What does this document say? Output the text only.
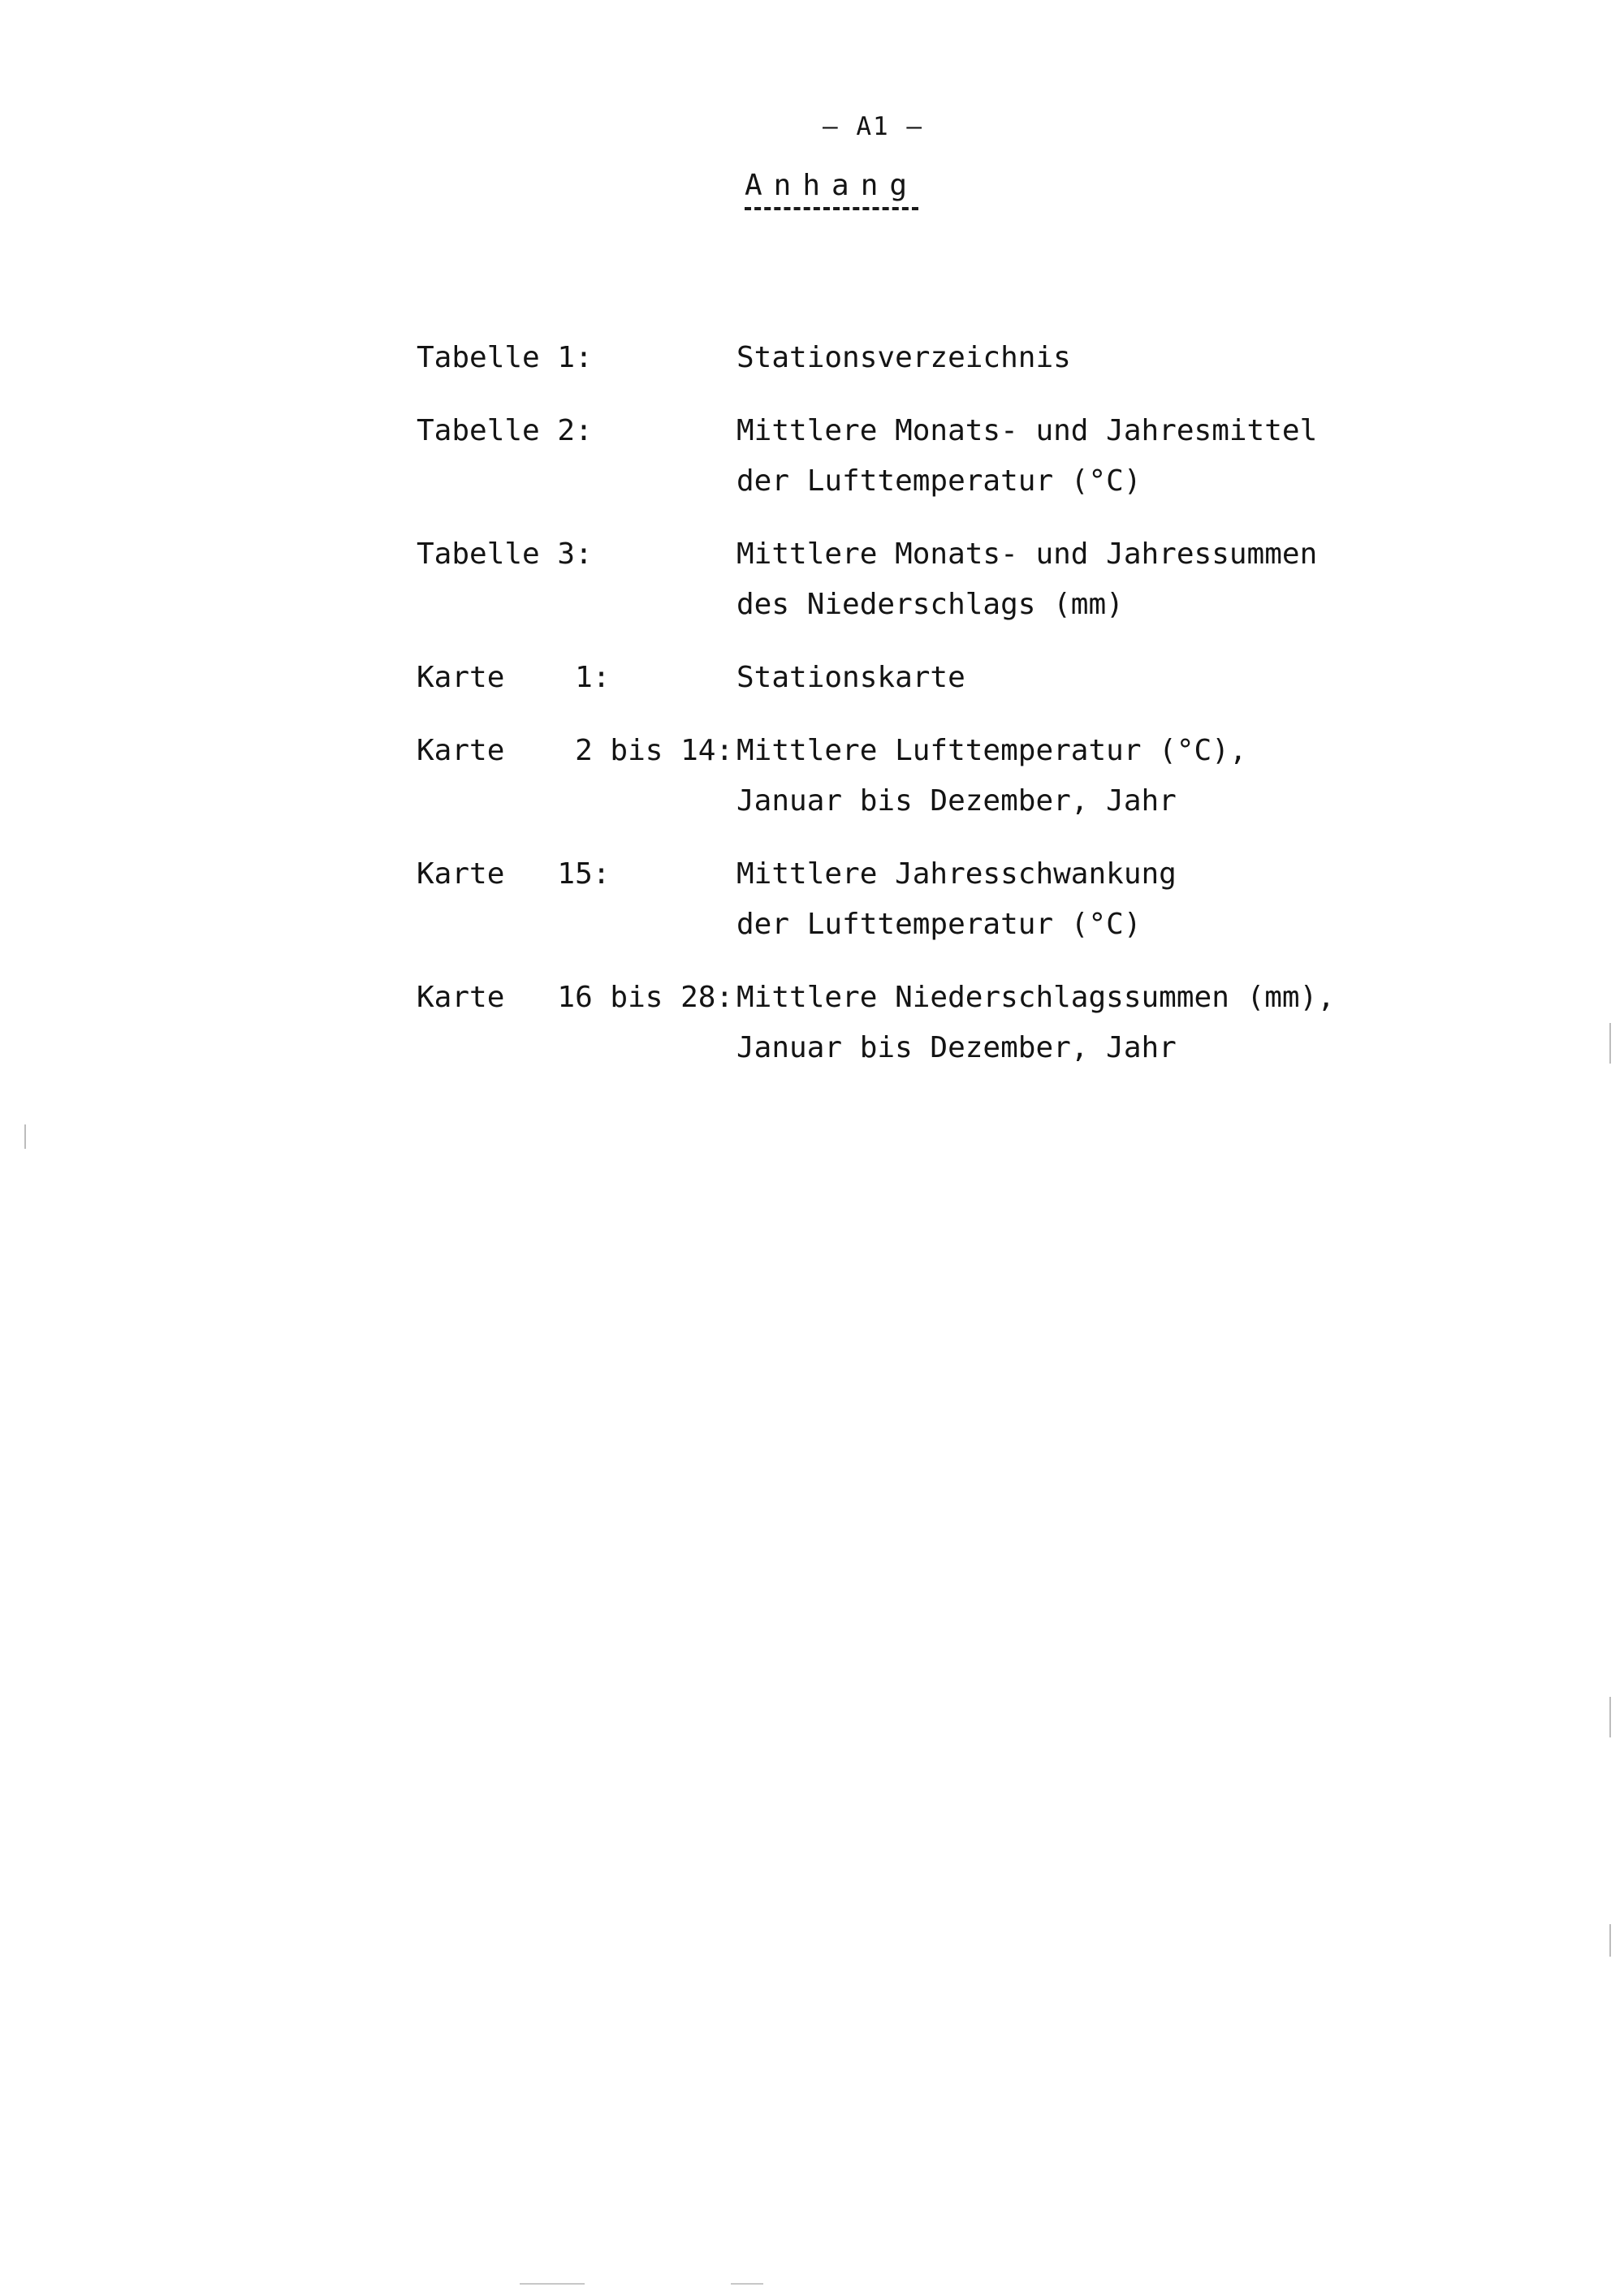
– A1 –
Anhang
Tabelle 1:	Stationsverzeichnis
Tabelle 2:	Mittlere Monats- und Jahresmittel
der Lufttemperatur (°C)
Tabelle 3:	Mittlere Monats- und Jahressummen
des Niederschlags (mm)
Karte    1:	Stationskarte
Karte    2 bis 14: Mittlere Lufttemperatur (°C),
Januar bis Dezember, Jahr
Karte   15:	Mittlere Jahresschwankung
der Lufttemperatur (°C)
Karte   16 bis 28: Mittlere Niederschlagssummen (mm),
Januar bis Dezember, Jahr
